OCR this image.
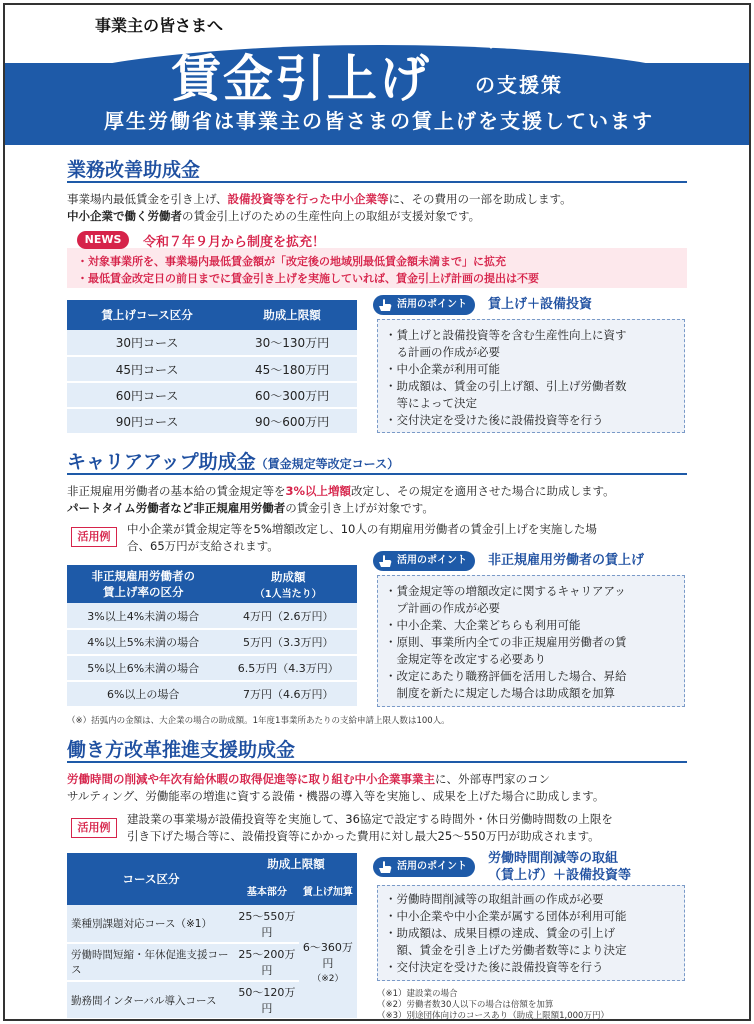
事業主の皆さまへ
賃金引上げ の支援策
厚生労働省は事業主の皆さまの賃上げを支援しています
業務改善助成金
事業場内最低賃金を引き上げ、設備投資等を行った中小企業等に、その費用の一部を助成します。
中小企業で働く労働者の賃金引上げのための生産性向上の取組が支援対象です。
NEWS	令和７年９月から制度を拡充！
・対象事業所を、事業場内最低賃金額が「改定後の地域別最低賃金額未満まで」に拡充
・最低賃金改定日の前日までに賃金引き上げを実施していれば、賃金引上げ計画の提出は不要
賃上げコース区分	助成上限額
30円コース	30～130万円
45円コース	45～180万円
60円コース	60～300万円
90円コース	90～600万円
活用のポイント	賃上げ＋設備投資
・賃上げと設備投資等を含む生産性向上に資す
　る計画の作成が必要
・中小企業が利用可能
・助成額は、賃金の引上げ額、引上げ労働者数
　等によって決定
・交付決定を受けた後に設備投資等を行う
キャリアアップ助成金（賃金規定等改定コース）
非正規雇用労働者の基本給の賃金規定等を3%以上増額改定し、その規定を適用させた場合に助成します。
パートタイム労働者など非正規雇用労働者の賃金引き上げが対象です。
活用例
中小企業が賃金規定等を5%増額改定し、10人の有期雇用労働者の賃金引上げを実施した場
合、65万円が支給されます。
非正規雇用労働者の
賃上げ率の区分	助成額
（1人当たり）
3%以上4%未満の場合	4万円（2.6万円）
4%以上5%未満の場合	5万円（3.3万円）
5%以上6%未満の場合	6.5万円（4.3万円）
6%以上の場合	7万円（4.6万円）
（※）括弧内の金額は、大企業の場合の助成額。1年度1事業所あたりの支給申請上限人数は100人。
活用のポイント	非正規雇用労働者の賃上げ
・賃金規定等の増額改定に関するキャリアアッ
　プ計画の作成が必要
・中小企業、大企業どちらも利用可能
・原則、事業所内全ての非正規雇用労働者の賃
　金規定等を改定する必要あり
・改定にあたり職務評価を活用した場合、昇給
　制度を新たに規定した場合は助成額を加算
働き方改革推進支援助成金
労働時間の削減や年次有給休暇の取得促進等に取り組む中小企業事業主に、外部専門家のコン
サルティング、労働能率の増進に資する設備・機器の導入等を実施し、成果を上げた場合に助成します。
活用例
建設業の事業場が設備投資等を実施して、36協定で設定する時間外・休日労働時間数の上限を
引き下げた場合等に、設備投資等にかかった費用に対し最大25～550万円が助成されます。
コース区分	助成上限額	
	基本部分	賃上げ加算
業種別課題対応コース（※1）	25～550万円	6～360万円
（※2）
労働時間短縮・年休促進支援コース	25～200万円	
勤務間インターバル導入コース	50～120万円	
活用のポイント
労働時間削減等の取組
（賃上げ）＋設備投資等
・労働時間削減等の取組計画の作成が必要
・中小企業や中小企業が属する団体が利用可能
・助成額は、成果目標の達成、賃金の引上げ
　額、賃金を引き上げた労働者数等により決定
・交付決定を受けた後に設備投資等を行う
（※1）建設業の場合
（※2）労働者数30人以下の場合は倍額を加算
（※3）別途団体向けのコースあり（助成上限額1,000万円）
